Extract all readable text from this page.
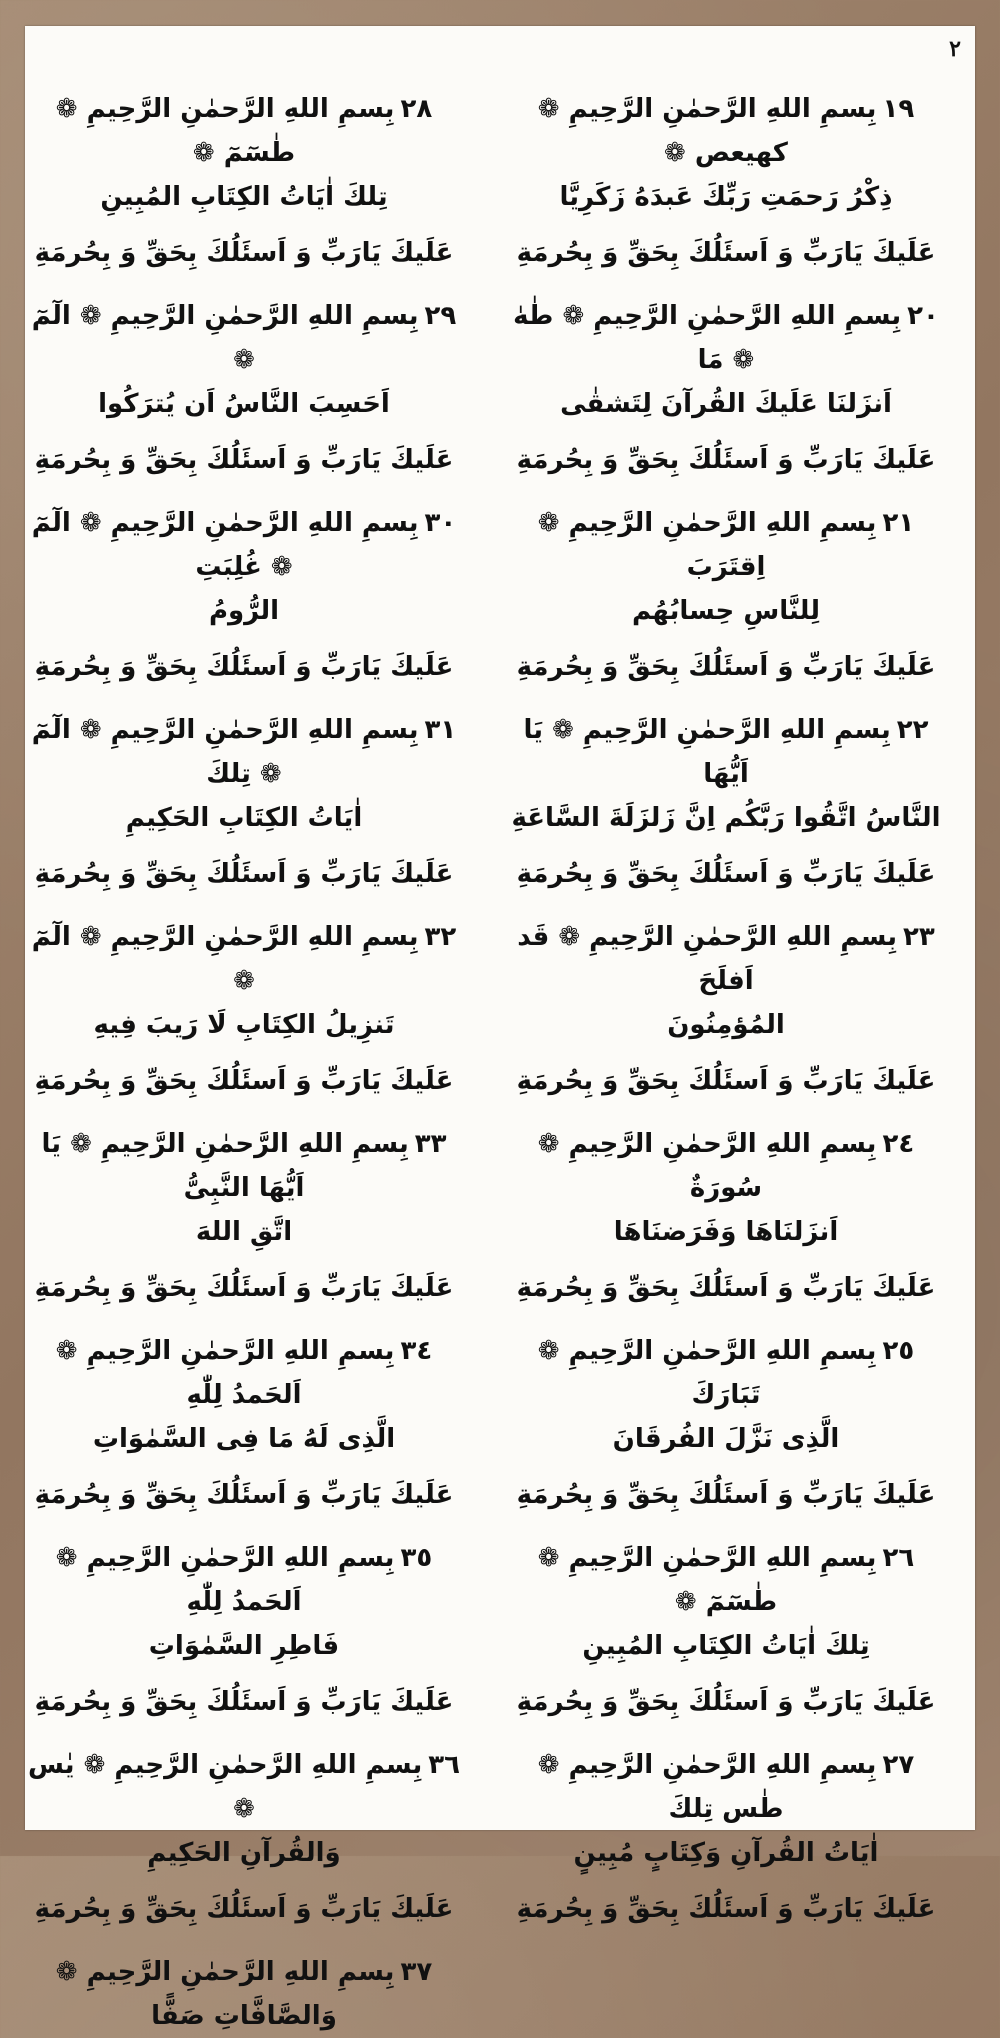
٢
١٩بِسمِ اللهِ الرَّحمٰنِ الرَّحِيمِ ❁ كهيعص ❁
ذِكْرُ رَحمَتِ رَبِّكَ عَبدَهُ زَكَرِيَّا
عَلَيكَ يَارَبِّ وَ اَسئَلُكَ بِحَقِّ وَ بِحُرمَةِ
٢٠بِسمِ اللهِ الرَّحمٰنِ الرَّحِيمِ ❁ طٰهٰ ❁ مَا
اَنزَلنَا عَلَيكَ القُرآنَ لِتَشقٰى
عَلَيكَ يَارَبِّ وَ اَسئَلُكَ بِحَقِّ وَ بِحُرمَةِ
٢١بِسمِ اللهِ الرَّحمٰنِ الرَّحِيمِ ❁ اِقتَرَبَ
لِلنَّاسِ حِسابُهُم
عَلَيكَ يَارَبِّ وَ اَسئَلُكَ بِحَقِّ وَ بِحُرمَةِ
٢٢بِسمِ اللهِ الرَّحمٰنِ الرَّحِيمِ ❁ يَا اَيُّهَا
النَّاسُ اتَّقُوا رَبَّكُم اِنَّ زَلزَلَةَ السَّاعَةِ
عَلَيكَ يَارَبِّ وَ اَسئَلُكَ بِحَقِّ وَ بِحُرمَةِ
٢٣بِسمِ اللهِ الرَّحمٰنِ الرَّحِيمِ ❁ قَد اَفلَحَ
المُؤمِنُونَ
عَلَيكَ يَارَبِّ وَ اَسئَلُكَ بِحَقِّ وَ بِحُرمَةِ
٢٤بِسمِ اللهِ الرَّحمٰنِ الرَّحِيمِ ❁ سُورَةٌ
اَنزَلنَاهَا وَفَرَضنَاهَا
عَلَيكَ يَارَبِّ وَ اَسئَلُكَ بِحَقِّ وَ بِحُرمَةِ
٢٥بِسمِ اللهِ الرَّحمٰنِ الرَّحِيمِ ❁ تَبَارَكَ
الَّذِى نَزَّلَ الفُرقَانَ
عَلَيكَ يَارَبِّ وَ اَسئَلُكَ بِحَقِّ وَ بِحُرمَةِ
٢٦بِسمِ اللهِ الرَّحمٰنِ الرَّحِيمِ ❁ طٰسٓمٓ ❁
تِلكَ اٰيَاتُ الكِتَابِ المُبِينِ
عَلَيكَ يَارَبِّ وَ اَسئَلُكَ بِحَقِّ وَ بِحُرمَةِ
٢٧بِسمِ اللهِ الرَّحمٰنِ الرَّحِيمِ ❁ طٰس تِلكَ
اٰيَاتُ القُرآنِ وَكِتَابٍ مُبِينٍ
عَلَيكَ يَارَبِّ وَ اَسئَلُكَ بِحَقِّ وَ بِحُرمَةِ
٢٨بِسمِ اللهِ الرَّحمٰنِ الرَّحِيمِ ❁ طٰسٓمٓ ❁
تِلكَ اٰيَاتُ الكِتَابِ المُبِينِ
عَلَيكَ يَارَبِّ وَ اَسئَلُكَ بِحَقِّ وَ بِحُرمَةِ
٢٩بِسمِ اللهِ الرَّحمٰنِ الرَّحِيمِ ❁ الٓمٓ ❁
اَحَسِبَ النَّاسُ اَن يُترَكُوا
عَلَيكَ يَارَبِّ وَ اَسئَلُكَ بِحَقِّ وَ بِحُرمَةِ
٣٠بِسمِ اللهِ الرَّحمٰنِ الرَّحِيمِ ❁ الٓمٓ ❁ غُلِبَتِ
الرُّومُ
عَلَيكَ يَارَبِّ وَ اَسئَلُكَ بِحَقِّ وَ بِحُرمَةِ
٣١بِسمِ اللهِ الرَّحمٰنِ الرَّحِيمِ ❁ الٓمٓ ❁ تِلكَ
اٰيَاتُ الكِتَابِ الحَكِيمِ
عَلَيكَ يَارَبِّ وَ اَسئَلُكَ بِحَقِّ وَ بِحُرمَةِ
٣٢بِسمِ اللهِ الرَّحمٰنِ الرَّحِيمِ ❁ الٓمٓ ❁
تَنزِيلُ الكِتَابِ لَا رَيبَ فِيهِ
عَلَيكَ يَارَبِّ وَ اَسئَلُكَ بِحَقِّ وَ بِحُرمَةِ
٣٣بِسمِ اللهِ الرَّحمٰنِ الرَّحِيمِ ❁ يَا اَيُّهَا النَّبِىُّ
اتَّقِ اللهَ
عَلَيكَ يَارَبِّ وَ اَسئَلُكَ بِحَقِّ وَ بِحُرمَةِ
٣٤بِسمِ اللهِ الرَّحمٰنِ الرَّحِيمِ ❁ اَلحَمدُ لِلّٰهِ
الَّذِى لَهُ مَا فِى السَّمٰوَاتِ
عَلَيكَ يَارَبِّ وَ اَسئَلُكَ بِحَقِّ وَ بِحُرمَةِ
٣٥بِسمِ اللهِ الرَّحمٰنِ الرَّحِيمِ ❁ اَلحَمدُ لِلّٰهِ
فَاطِرِ السَّمٰوَاتِ
عَلَيكَ يَارَبِّ وَ اَسئَلُكَ بِحَقِّ وَ بِحُرمَةِ
٣٦بِسمِ اللهِ الرَّحمٰنِ الرَّحِيمِ ❁ يٰس ❁
وَالقُرآنِ الحَكِيمِ
عَلَيكَ يَارَبِّ وَ اَسئَلُكَ بِحَقِّ وَ بِحُرمَةِ
٣٧بِسمِ اللهِ الرَّحمٰنِ الرَّحِيمِ ❁ وَالصَّافَّاتِ صَفًّا
